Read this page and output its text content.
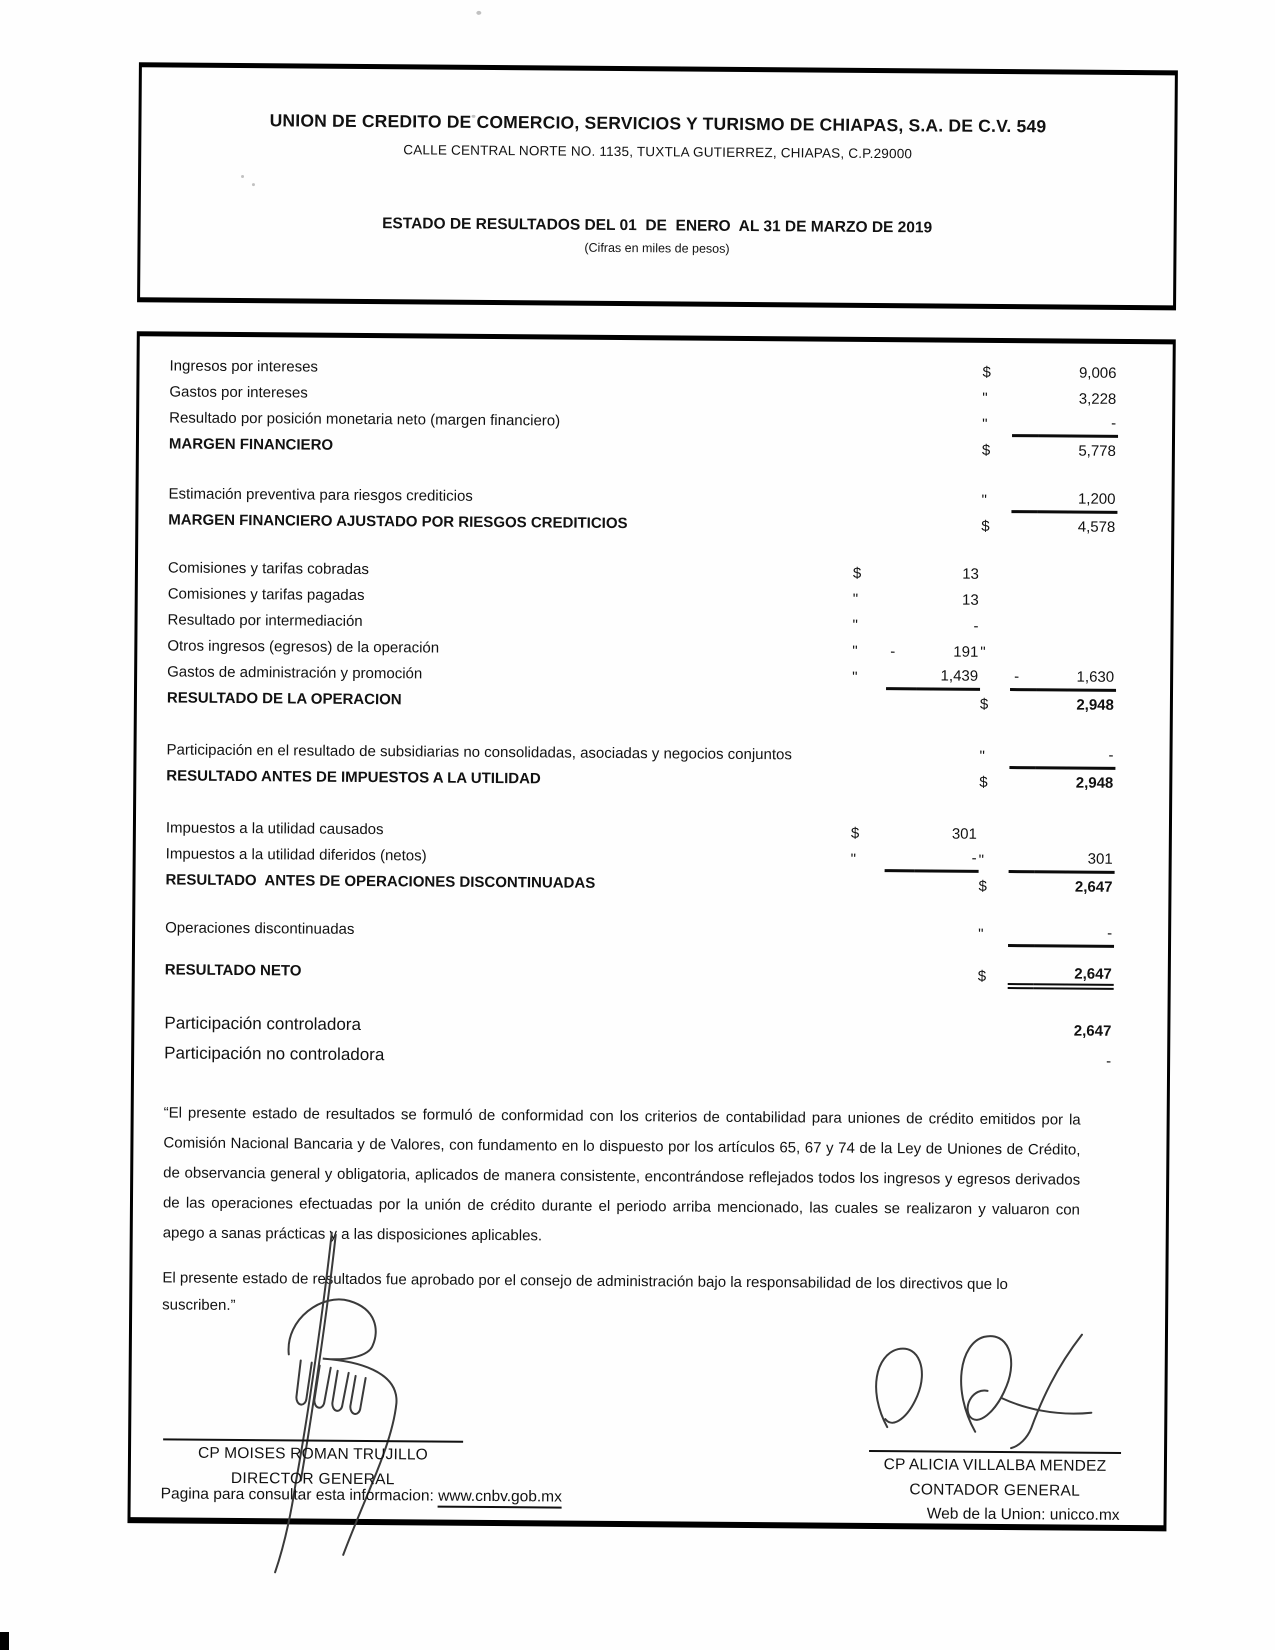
UNION DE CREDITO DE COMERCIO, SERVICIOS Y TURISMO DE CHIAPAS, S.A. DE C.V. 549
CALLE CENTRAL NORTE NO. 1135, TUXTLA GUTIERREZ, CHIAPAS, C.P.29000
ESTADO DE RESULTADOS DEL 01  DE  ENERO  AL 31 DE MARZO DE 2019
(Cifras en miles de pesos)
Ingresos por intereses	$	9,006
Gastos por intereses	"	3,228
Resultado por posición monetaria neto (margen financiero)	"	-
MARGEN FINANCIERO	$	5,778
Estimación preventiva para riesgos crediticios	"	1,200
MARGEN FINANCIERO AJUSTADO POR RIESGOS CREDITICIOS	$	4,578
Comisiones y tarifas cobradas	$	13
Comisiones y tarifas pagadas	"	13
Resultado por intermediación	"	-
Otros ingresos (egresos) de la operación	"	-	191 "
Gastos de administración y promoción	"	1,439 -	1,630
RESULTADO DE LA OPERACION	$	2,948
Participación en el resultado de subsidiarias no consolidadas, asociadas y negocios conjuntos	"	-
RESULTADO ANTES DE IMPUESTOS A LA UTILIDAD	$	2,948
Impuestos a la utilidad causados	$	301
Impuestos a la utilidad diferidos (netos)	"	- "	301
RESULTADO  ANTES DE OPERACIONES DISCONTINUADAS	$	2,647
Operaciones discontinuadas	"	-
RESULTADO NETO	$	2,647
Participación controladora	2,647
Participación no controladora	-
“El presente estado de resultados se formuló de conformidad con los criterios de contabilidad para uniones de crédito emitidos por la Comisión Nacional Bancaria y de Valores, con fundamento en lo dispuesto por los artículos 65, 67 y 74 de la Ley de Uniones de Crédito, de observancia general y obligatoria, aplicados de manera consistente, encontrándose reflejados todos los ingresos y egresos derivados de las operaciones efectuadas por la unión de crédito durante el periodo arriba mencionado, las cuales se realizaron y valuaron con apego a sanas prácticas y a las disposiciones aplicables.
El presente estado de resultados fue aprobado por el consejo de administración bajo la responsabilidad de los directivos que lo suscriben.”
CP MOISES ROMAN TRUJILLO
DIRECTOR GENERAL
CP ALICIA VILLALBA MENDEZ
CONTADOR GENERAL
Pagina para consultar esta informacion: www.cnbv.gob.mx
Web de la Union: unicco.mx
